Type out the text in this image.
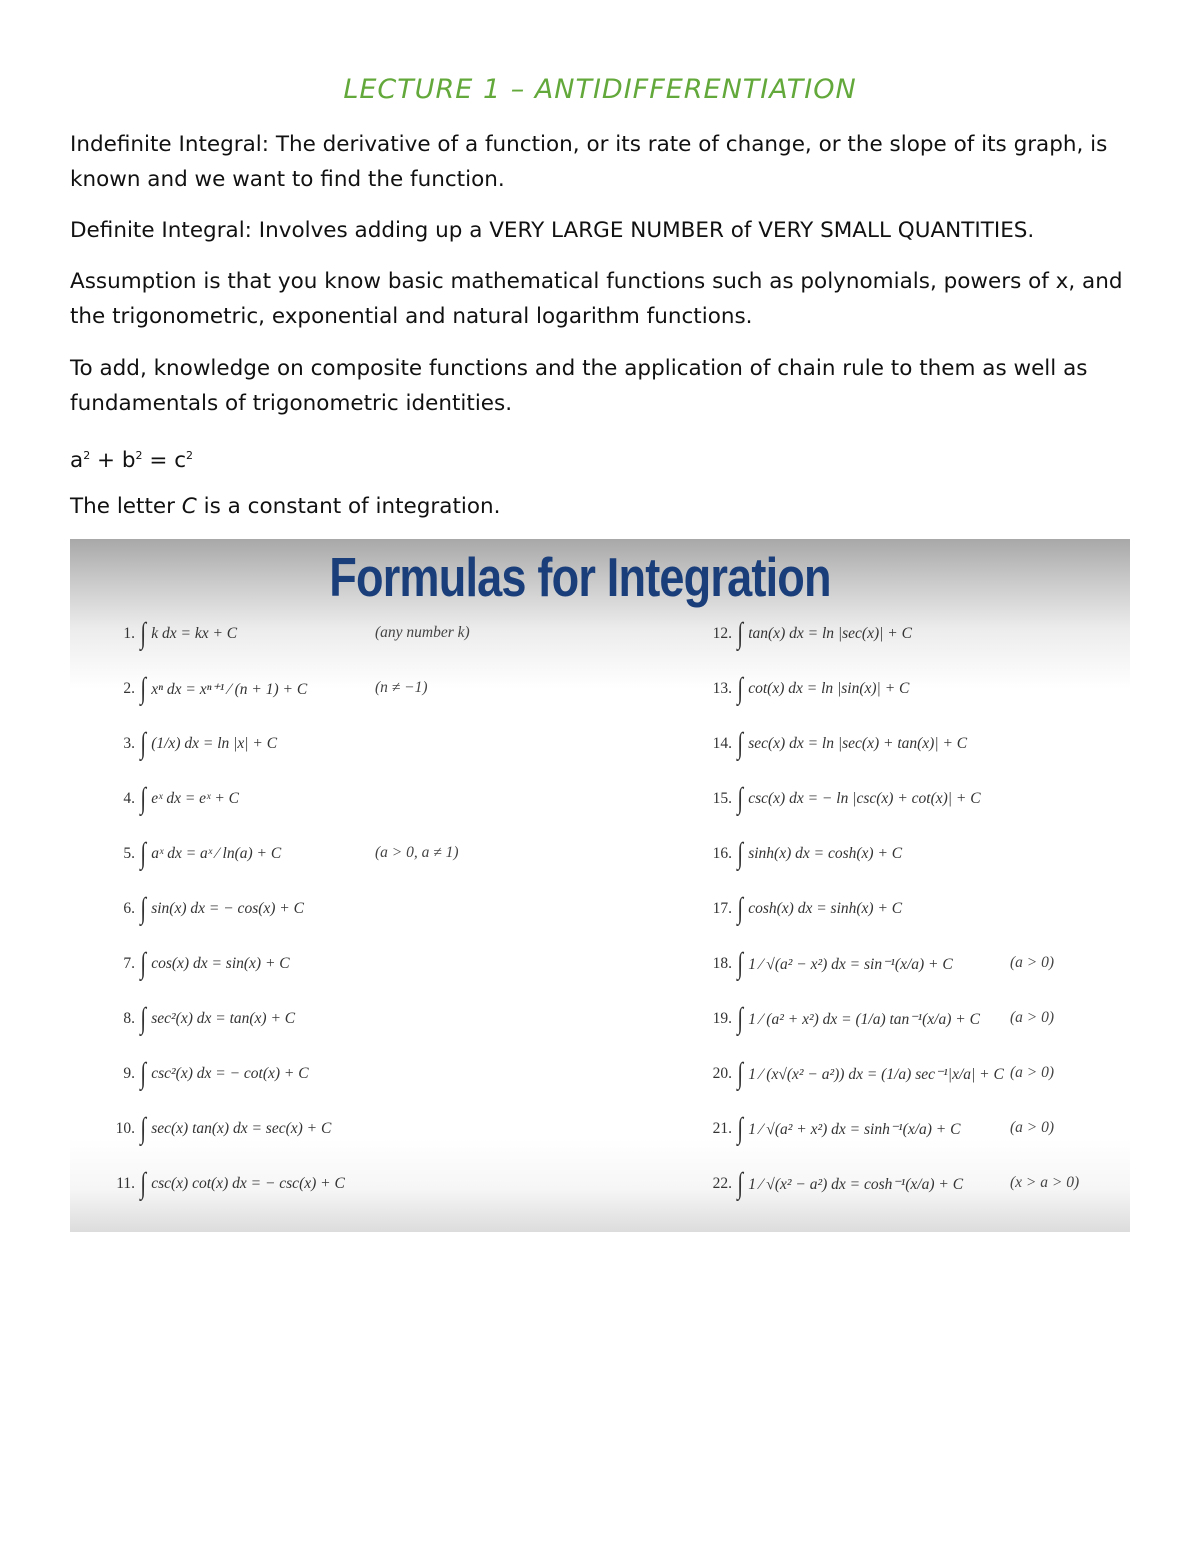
LECTURE 1 – ANTIDIFFERENTIATION

Indefinite Integral: The derivative of a function, or its rate of change, or the slope of its graph, is known and we want to find the function.

Definite Integral: Involves adding up a VERY LARGE NUMBER of VERY SMALL QUANTITIES.

Assumption is that you know basic mathematical functions such as polynomials, powers of x, and the trigonometric, exponential and natural logarithm functions.

To add, knowledge on composite functions and the application of chain rule to them as well as fundamentals of trigonometric identities.

$a^2 + b^2 = c^2$

The letter C is a constant of integration.

Formulas for Integration
1. ∫ k dx = kx + C	(any number k)
2. ∫ xⁿ dx = xⁿ⁺¹ ⁄ (n + 1) + C	(n ≠ −1)
3. ∫ (1/x) dx = ln |x| + C
4. ∫ eˣ dx = eˣ + C
5. ∫ aˣ dx = aˣ ⁄ ln(a) + C	(a > 0, a ≠ 1)
6. ∫ sin(x) dx = − cos(x) + C
7. ∫ cos(x) dx = sin(x) + C
8. ∫ sec²(x) dx = tan(x) + C
9. ∫ csc²(x) dx = − cot(x) + C
10. ∫ sec(x) tan(x) dx = sec(x) + C
11. ∫ csc(x) cot(x) dx = − csc(x) + C
12. ∫ tan(x) dx = ln |sec(x)| + C
13. ∫ cot(x) dx = ln |sin(x)| + C
14. ∫ sec(x) dx = ln |sec(x) + tan(x)| + C
15. ∫ csc(x) dx = − ln |csc(x) + cot(x)| + C
16. ∫ sinh(x) dx = cosh(x) + C
17. ∫ cosh(x) dx = sinh(x) + C
18. ∫ 1 ⁄ √(a² − x²) dx = sin⁻¹(x/a) + C	(a > 0)
19. ∫ 1 ⁄ (a² + x²) dx = (1/a) tan⁻¹(x/a) + C (a > 0)
20. ∫ 1 ⁄ (x√(x² − a²)) dx = (1/a) sec⁻¹|x/a| + C (a > 0)
21. ∫ 1 ⁄ √(a² + x²) dx = sinh⁻¹(x/a) + C	(a > 0)
22. ∫ 1 ⁄ √(x² − a²) dx = cosh⁻¹(x/a) + C	(x > a > 0)
